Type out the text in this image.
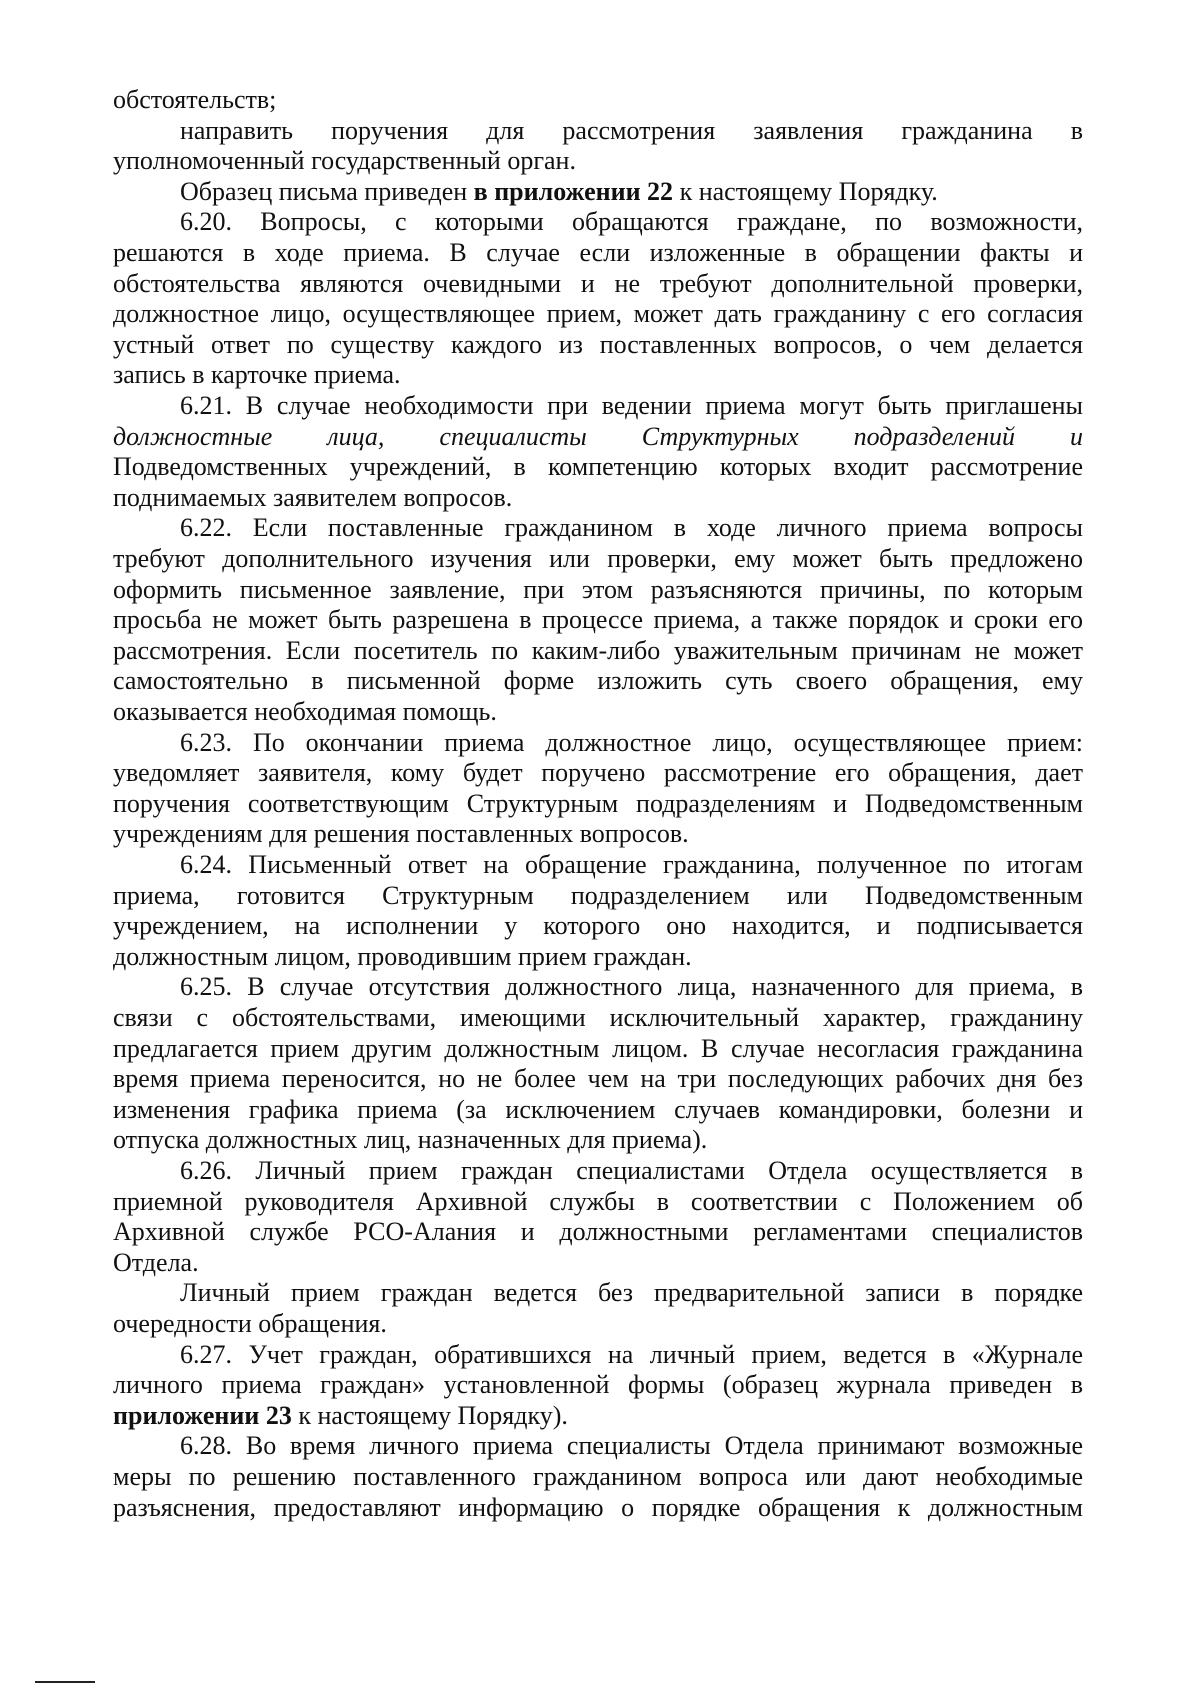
обстоятельств;
направить поручения для рассмотрения заявления гражданина в
уполномоченный государственный орган.
Образец письма приведен в приложении 22 к настоящему Порядку.
6.20. Вопросы, с которыми обращаются граждане, по возможности,
решаются в ходе приема. В случае если изложенные в обращении факты и
обстоятельства являются очевидными и не требуют дополнительной проверки,
должностное лицо, осуществляющее прием, может дать гражданину с его согласия
устный ответ по существу каждого из поставленных вопросов, о чем делается
запись в карточке приема.
6.21. В случае необходимости при ведении приема могут быть приглашены
должностные лица, специалисты Структурных подразделений и
Подведомственных учреждений, в компетенцию которых входит рассмотрение
поднимаемых заявителем вопросов.
6.22. Если поставленные гражданином в ходе личного приема вопросы
требуют дополнительного изучения или проверки, ему может быть предложено
оформить письменное заявление, при этом разъясняются причины, по которым
просьба не может быть разрешена в процессе приема, а также порядок и сроки его
рассмотрения. Если посетитель по каким-либо уважительным причинам не может
самостоятельно в письменной форме изложить суть своего обращения, ему
оказывается необходимая помощь.
6.23. По окончании приема должностное лицо, осуществляющее прием:
уведомляет заявителя, кому будет поручено рассмотрение его обращения, дает
поручения соответствующим Структурным подразделениям и Подведомственным
учреждениям для решения поставленных вопросов.
6.24. Письменный ответ на обращение гражданина, полученное по итогам
приема, готовится Структурным подразделением или Подведомственным
учреждением, на исполнении у которого оно находится, и подписывается
должностным лицом, проводившим прием граждан.
6.25. В случае отсутствия должностного лица, назначенного для приема, в
связи с обстоятельствами, имеющими исключительный характер, гражданину
предлагается прием другим должностным лицом. В случае несогласия гражданина
время приема переносится, но не более чем на три последующих рабочих дня без
изменения графика приема (за исключением случаев командировки, болезни и
отпуска должностных лиц, назначенных для приема).
6.26. Личный прием граждан специалистами Отдела осуществляется в
приемной руководителя Архивной службы в соответствии с Положением об
Архивной службе РСО-Алания и должностными регламентами специалистов
Отдела.
Личный прием граждан ведется без предварительной записи в порядке
очередности обращения.
6.27. Учет граждан, обратившихся на личный прием, ведется в «Журнале
личного приема граждан» установленной формы (образец журнала приведен в
приложении 23 к настоящему Порядку).
6.28. Во время личного приема специалисты Отдела принимают возможные
меры по решению поставленного гражданином вопроса или дают необходимые
разъяснения, предоставляют информацию о порядке обращения к должностным
